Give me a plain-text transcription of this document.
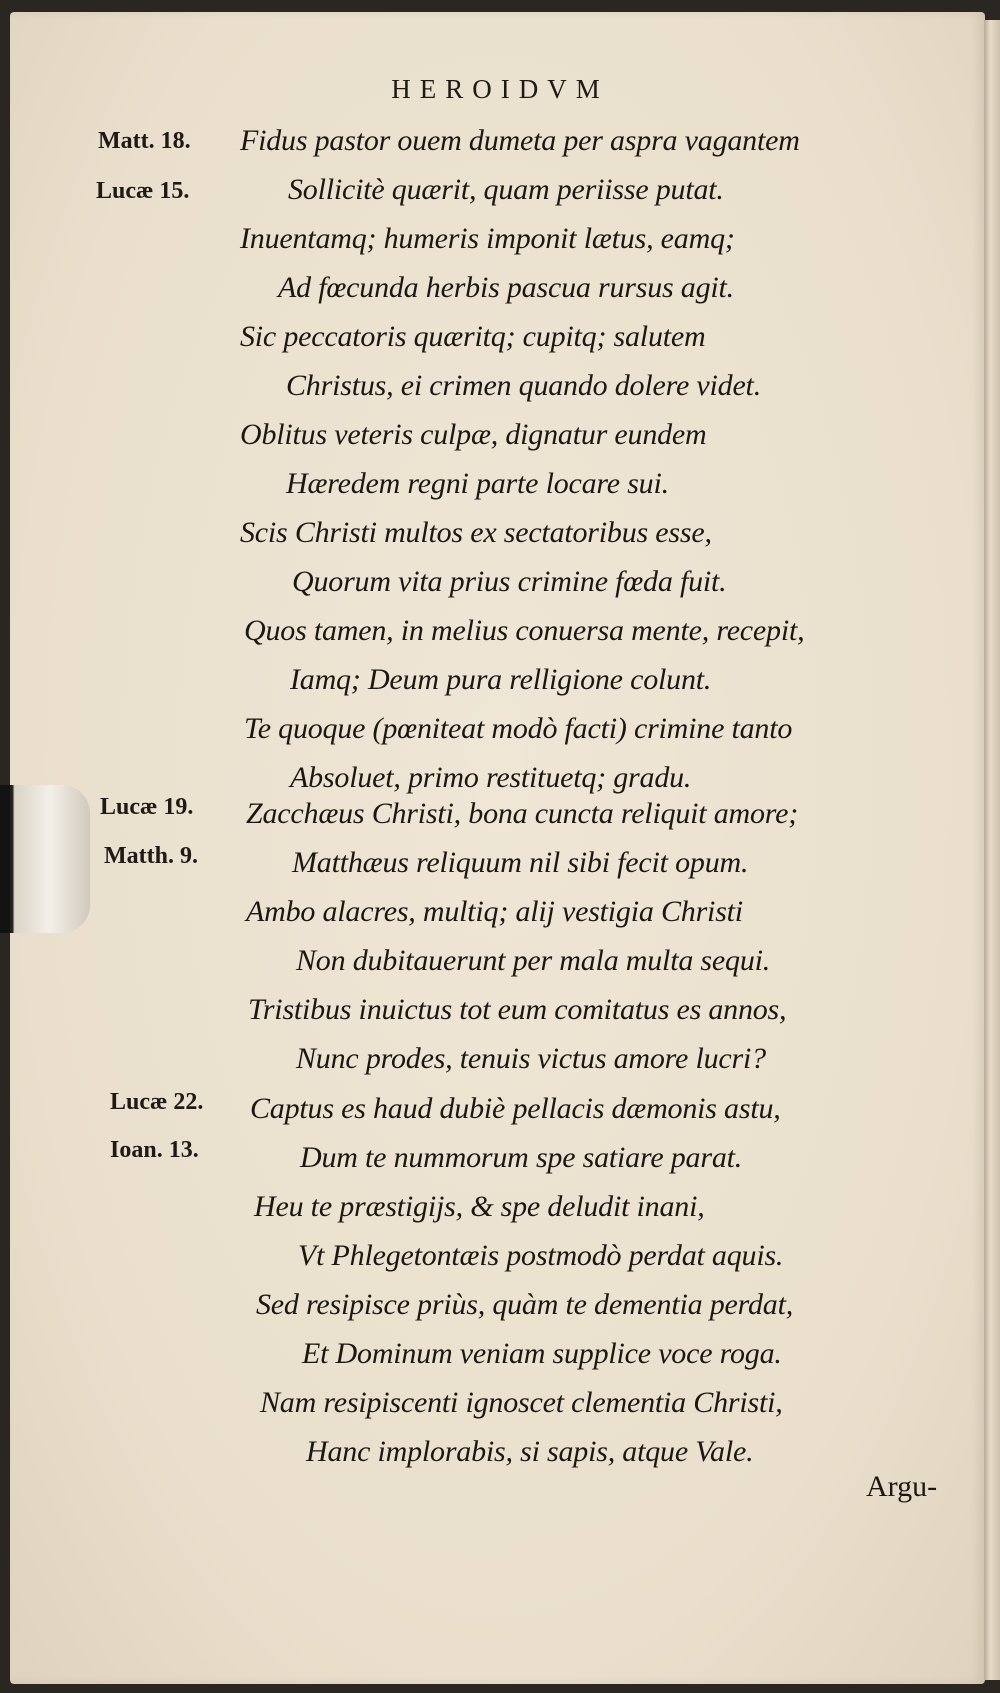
HEROIDVM
Matt. 18.
Lucæ 15.
Lucæ 19.
Matth. 9.
Lucæ 22.
Ioan. 13.
Fidus pastor ouem dumeta per aspra vagantem
Sollicitè quærit, quam periisse putat.
Inuentamq; humeris imponit lætus, eamq;
Ad fœcunda herbis pascua rursus agit.
Sic peccatoris quæritq; cupitq; salutem
Christus, ei crimen quando dolere videt.
Oblitus veteris culpæ, dignatur eundem
Hæredem regni parte locare sui.
Scis Christi multos ex sectatoribus esse,
Quorum vita prius crimine fœda fuit.
Quos tamen, in melius conuersa mente, recepit,
Iamq; Deum pura relligione colunt.
Te quoque (pœniteat modò facti) crimine tanto
Absoluet, primo restituetq; gradu.
Zacchæus Christi, bona cuncta reliquit amore;
Matthæus reliquum nil sibi fecit opum.
Ambo alacres, multiq; alij vestigia Christi
Non dubitauerunt per mala multa sequi.
Tristibus inuictus tot eum comitatus es annos,
Nunc prodes, tenuis victus amore lucri?
Captus es haud dubiè pellacis dæmonis astu,
Dum te nummorum spe satiare parat.
Heu te præstigijs, & spe deludit inani,
Vt Phlegetontæis postmodò perdat aquis.
Sed resipisce priùs, quàm te dementia perdat,
Et Dominum veniam supplice voce roga.
Nam resipiscenti ignoscet clementia Christi,
Hanc implorabis, si sapis, atque Vale.
Argu-
